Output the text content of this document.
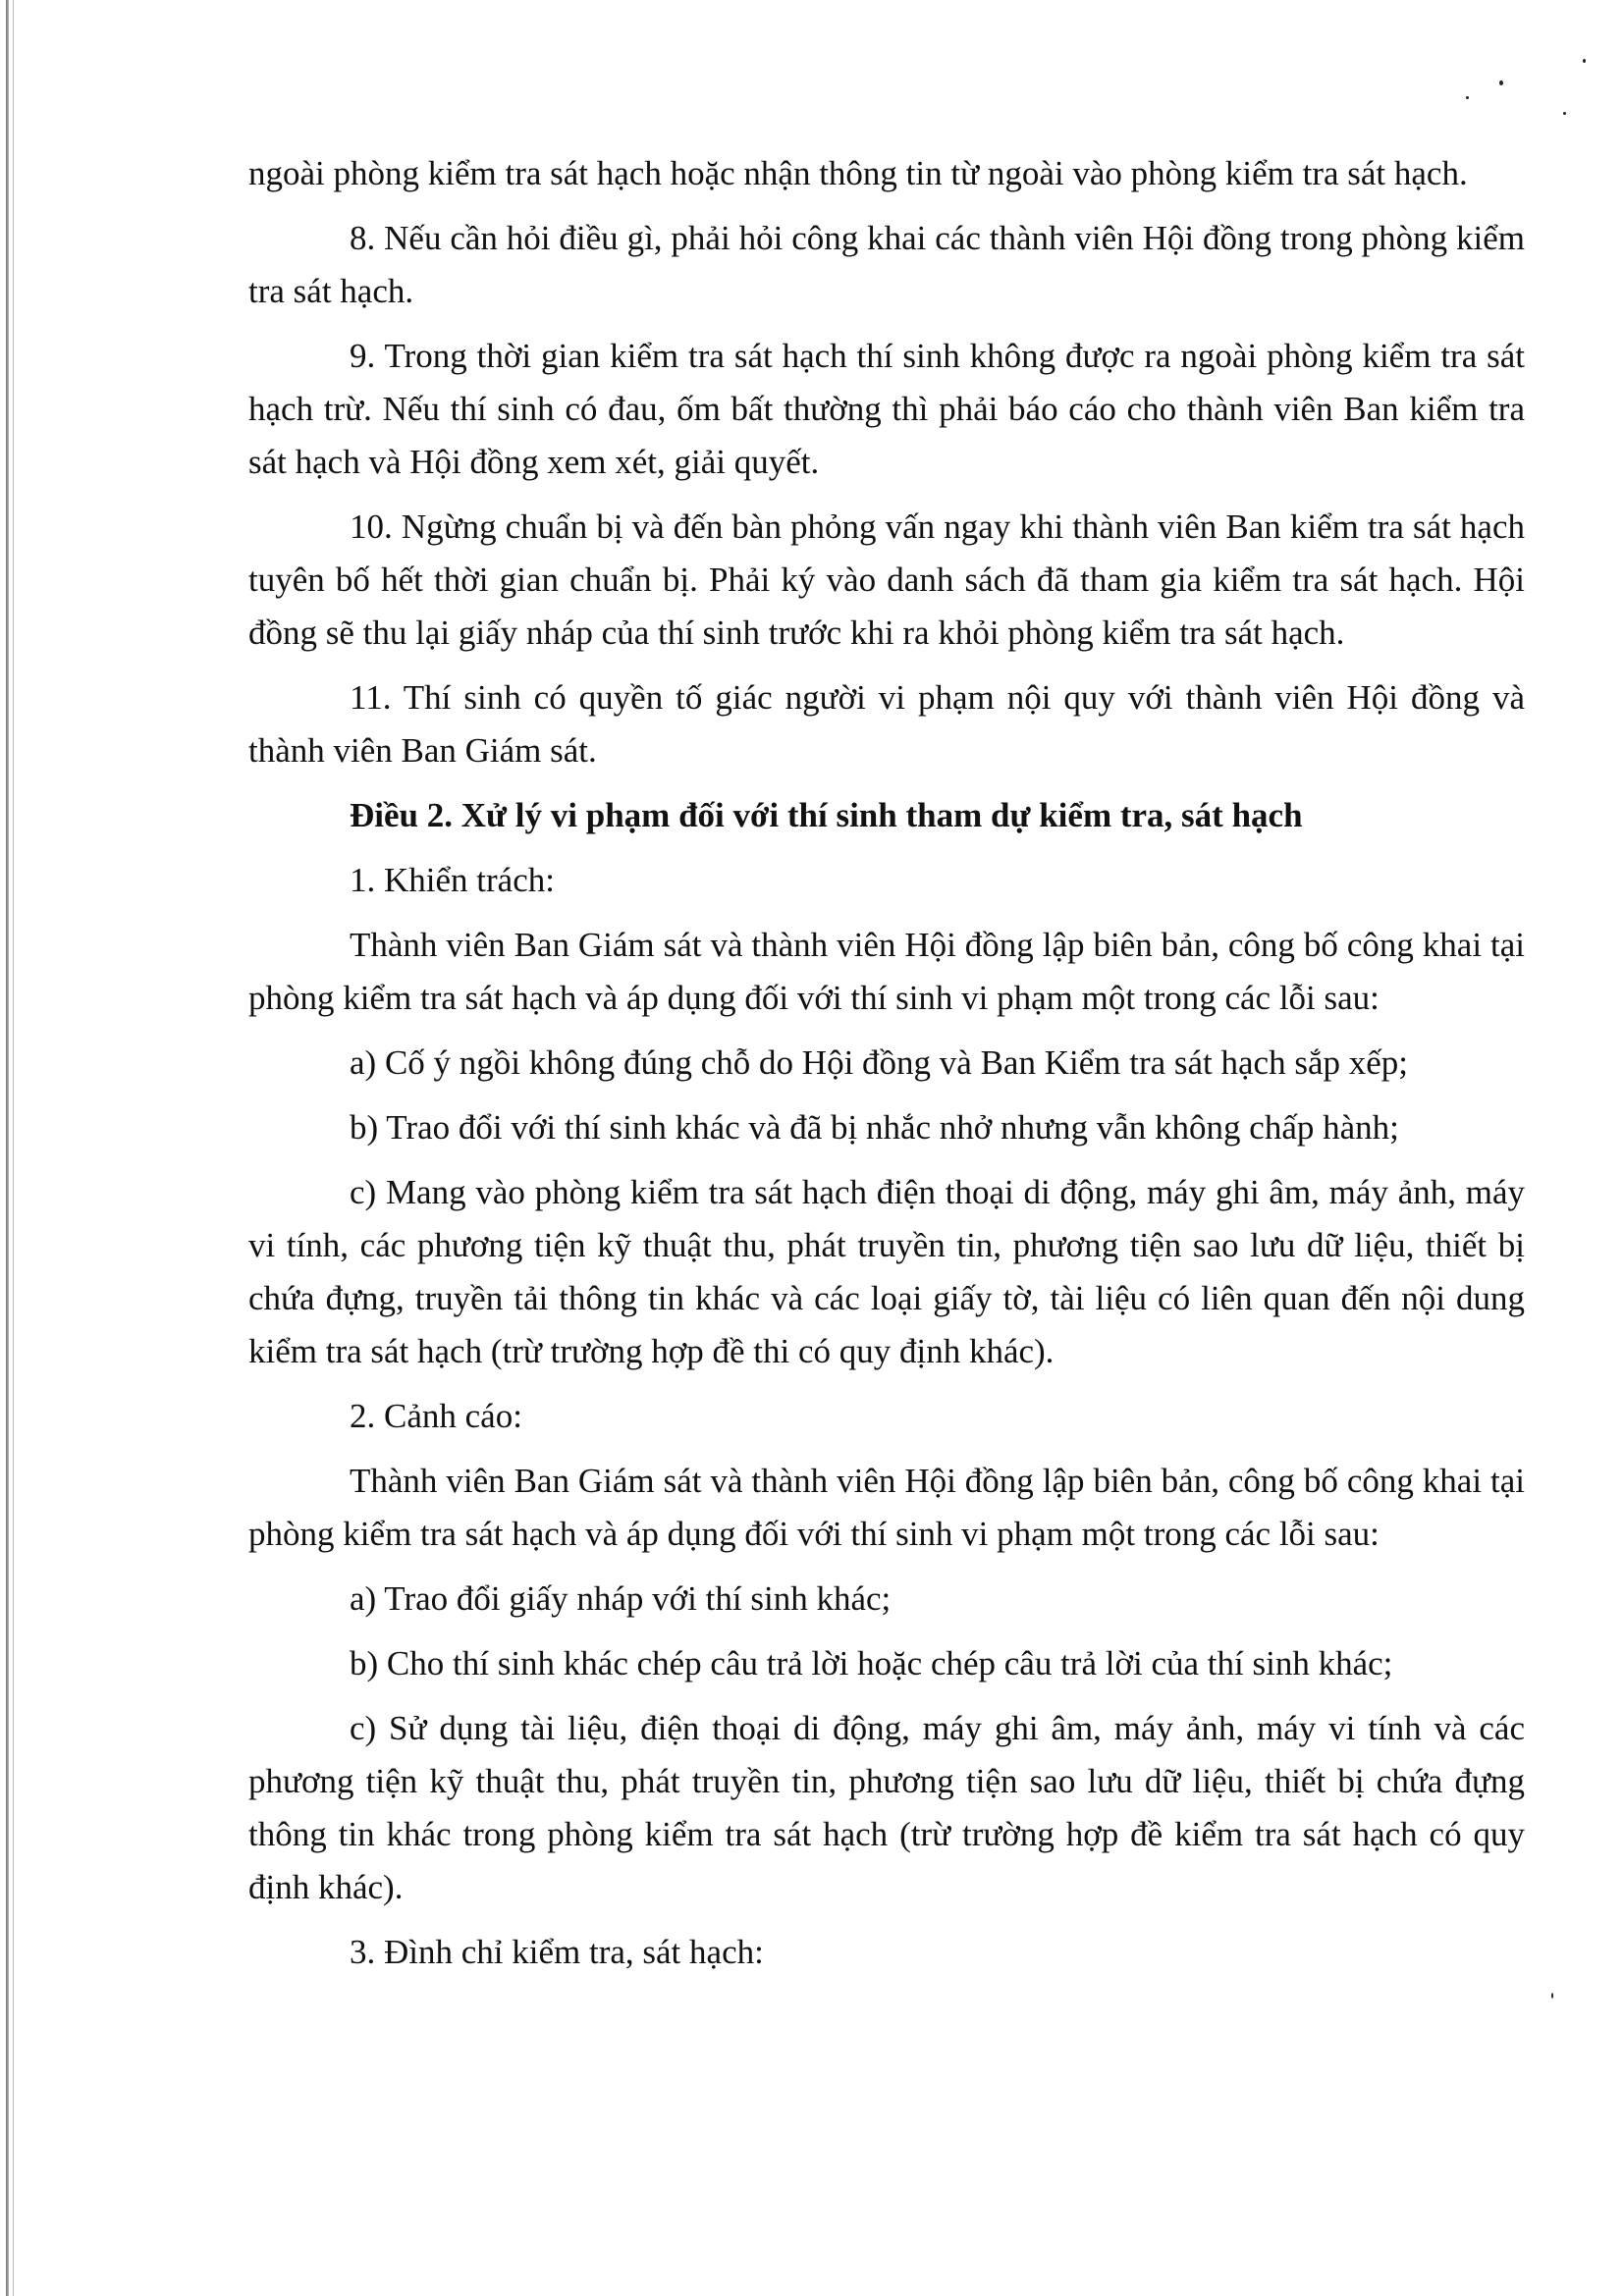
ngoài phòng kiểm tra sát hạch hoặc nhận thông tin từ ngoài vào phòng kiểm tra sát hạch.

8. Nếu cần hỏi điều gì, phải hỏi công khai các thành viên Hội đồng trong phòng kiểm tra sát hạch.

9. Trong thời gian kiểm tra sát hạch thí sinh không được ra ngoài phòng kiểm tra sát hạch trừ. Nếu thí sinh có đau, ốm bất thường thì phải báo cáo cho thành viên Ban kiểm tra sát hạch và Hội đồng xem xét, giải quyết.

10. Ngừng chuẩn bị và đến bàn phỏng vấn ngay khi thành viên Ban kiểm tra sát hạch tuyên bố hết thời gian chuẩn bị. Phải ký vào danh sách đã tham gia kiểm tra sát hạch. Hội đồng sẽ thu lại giấy nháp của thí sinh trước khi ra khỏi phòng kiểm tra sát hạch.

11. Thí sinh có quyền tố giác người vi phạm nội quy với thành viên Hội đồng và thành viên Ban Giám sát.

Điều 2. Xử lý vi phạm đối với thí sinh tham dự kiểm tra, sát hạch

1. Khiển trách:

Thành viên Ban Giám sát và thành viên Hội đồng lập biên bản, công bố công khai tại phòng kiểm tra sát hạch và áp dụng đối với thí sinh vi phạm một trong các lỗi sau:

a) Cố ý ngồi không đúng chỗ do Hội đồng và Ban Kiểm tra sát hạch sắp xếp;

b) Trao đổi với thí sinh khác và đã bị nhắc nhở nhưng vẫn không chấp hành;

c) Mang vào phòng kiểm tra sát hạch điện thoại di động, máy ghi âm, máy ảnh, máy vi tính, các phương tiện kỹ thuật thu, phát truyền tin, phương tiện sao lưu dữ liệu, thiết bị chứa đựng, truyền tải thông tin khác và các loại giấy tờ, tài liệu có liên quan đến nội dung kiểm tra sát hạch (trừ trường hợp đề thi có quy định khác).

2. Cảnh cáo:

Thành viên Ban Giám sát và thành viên Hội đồng lập biên bản, công bố công khai tại phòng kiểm tra sát hạch và áp dụng đối với thí sinh vi phạm một trong các lỗi sau:

a) Trao đổi giấy nháp với thí sinh khác;

b) Cho thí sinh khác chép câu trả lời hoặc chép câu trả lời của thí sinh khác;

c) Sử dụng tài liệu, điện thoại di động, máy ghi âm, máy ảnh, máy vi tính và các phương tiện kỹ thuật thu, phát truyền tin, phương tiện sao lưu dữ liệu, thiết bị chứa đựng thông tin khác trong phòng kiểm tra sát hạch (trừ trường hợp đề kiểm tra sát hạch có quy định khác).

3. Đình chỉ kiểm tra, sát hạch:
